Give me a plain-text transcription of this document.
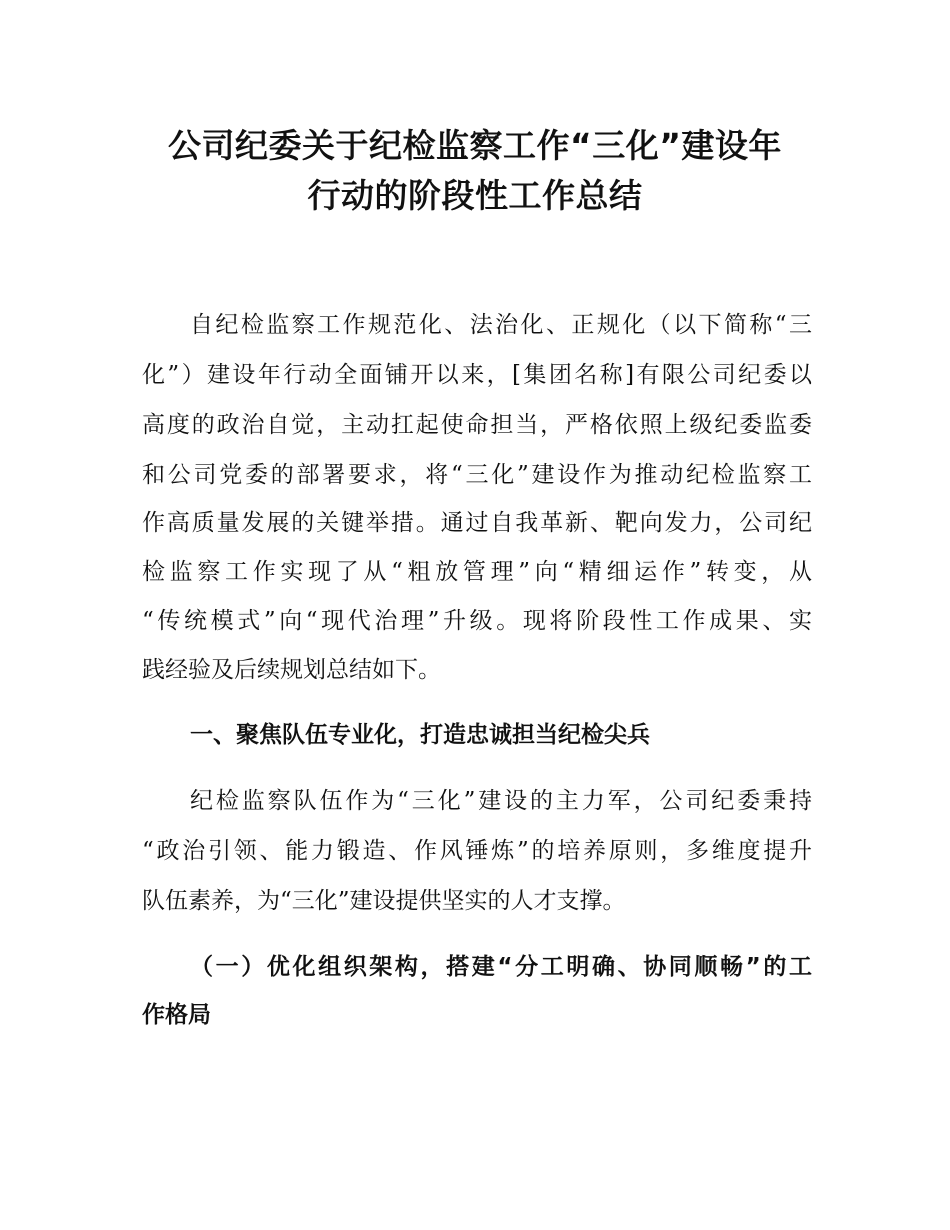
公司纪委关于纪检监察工作“三化”建设年
行动的阶段性工作总结
自纪检监察工作规范化、法治化、正规化（以下简称“三
化”）建设年行动全面铺开以来，[集团名称]有限公司纪委以
高度的政治自觉，主动扛起使命担当，严格依照上级纪委监委
和公司党委的部署要求，将“三化”建设作为推动纪检监察工
作高质量发展的关键举措。通过自我革新、靶向发力，公司纪
检监察工作实现了从“粗放管理”向“精细运作”转变，从
“传统模式”向“现代治理”升级。现将阶段性工作成果、实
践经验及后续规划总结如下。
一、聚焦队伍专业化，打造忠诚担当纪检尖兵
纪检监察队伍作为“三化”建设的主力军，公司纪委秉持
“政治引领、能力锻造、作风锤炼”的培养原则，多维度提升
队伍素养，为“三化”建设提供坚实的人才支撑。
（一）优化组织架构，搭建“分工明确、协同顺畅”的工
作格局
